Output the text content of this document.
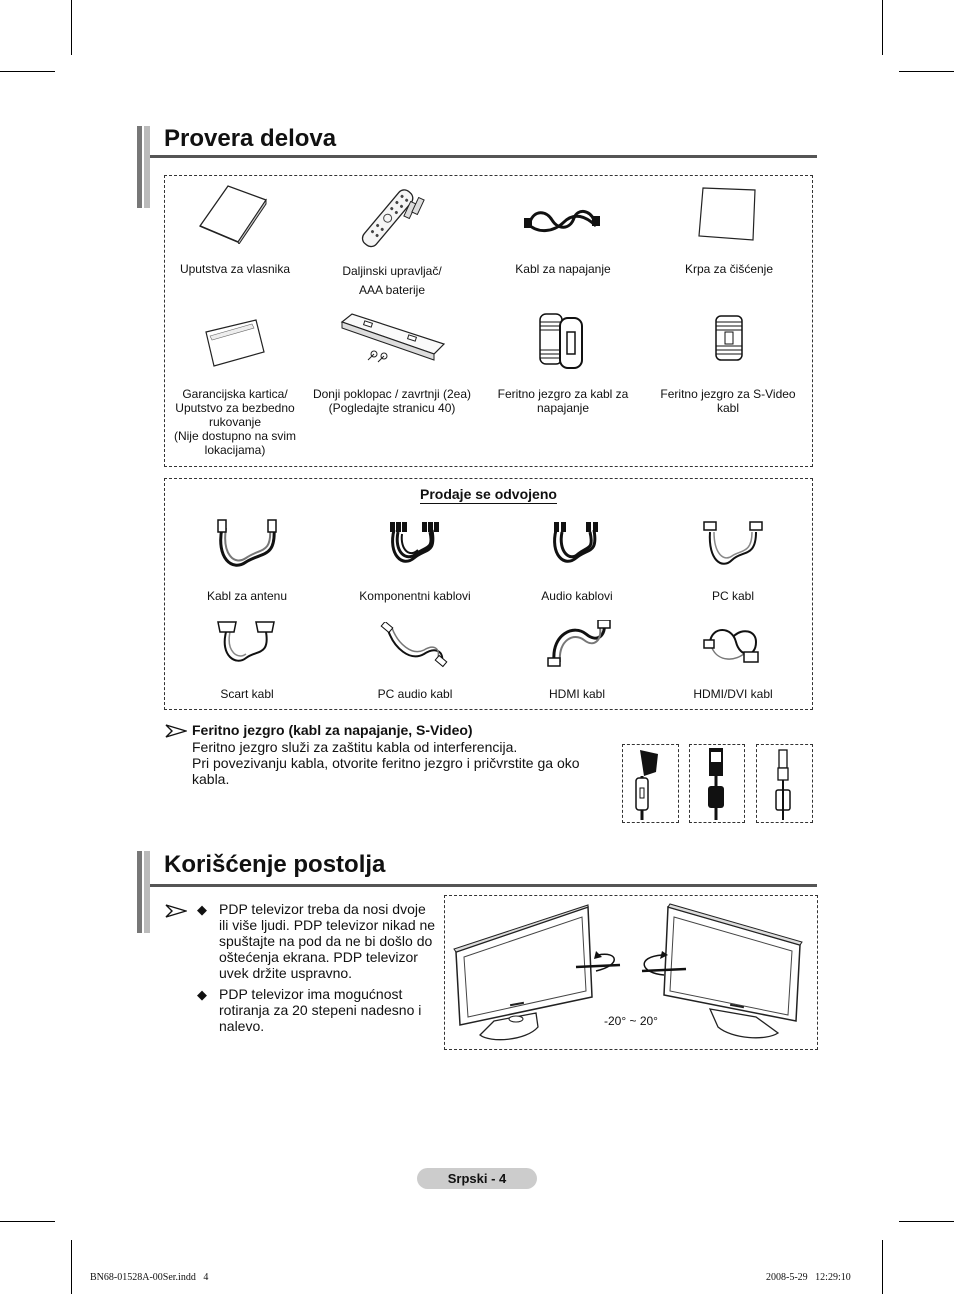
Provera delova
Uputstva za vlasnika	Daljinski upravljač/
AAA baterije
Kabl za napajanje	Krpa za čišćenje
Garancijska kartica/
Uputstvo za bezbedno
rukovanje
(Nije dostupno na svim
lokacijama)
Donji poklopac / zavrtnji (2ea)
(Pogledajte stranicu 40)
Feritno jezgro za kabl za
napajanje
Feritno jezgro za S-Video
kabl
Prodaje se odvojeno
Kabl za antenu	Komponentni kablovi	Audio kablovi	PC kabl
Scart kabl	PC audio kabl	HDMI kabl	HDMI/DVI kabl
Feritno jezgro (kabl za napajanje, S-Video)
Feritno jezgro služi za zaštitu kabla od interferencija.
Pri povezivanju kabla, otvorite feritno jezgro i pričvrstite ga oko kabla.
Korišćenje postolja
◆ PDP televizor treba da nosi dvoje ili više ljudi. PDP televizor nikad ne spuštajte na pod da ne bi došlo do oštećenja ekrana. PDP televizor uvek držite uspravno.
◆ PDP televizor ima mogućnost rotiranja za 20 stepeni nadesno i nalevo.	-20° ~ 20°
Srpski - 4
BN68-01528A-00Ser.indd   4	2008-5-29   12:29:10
